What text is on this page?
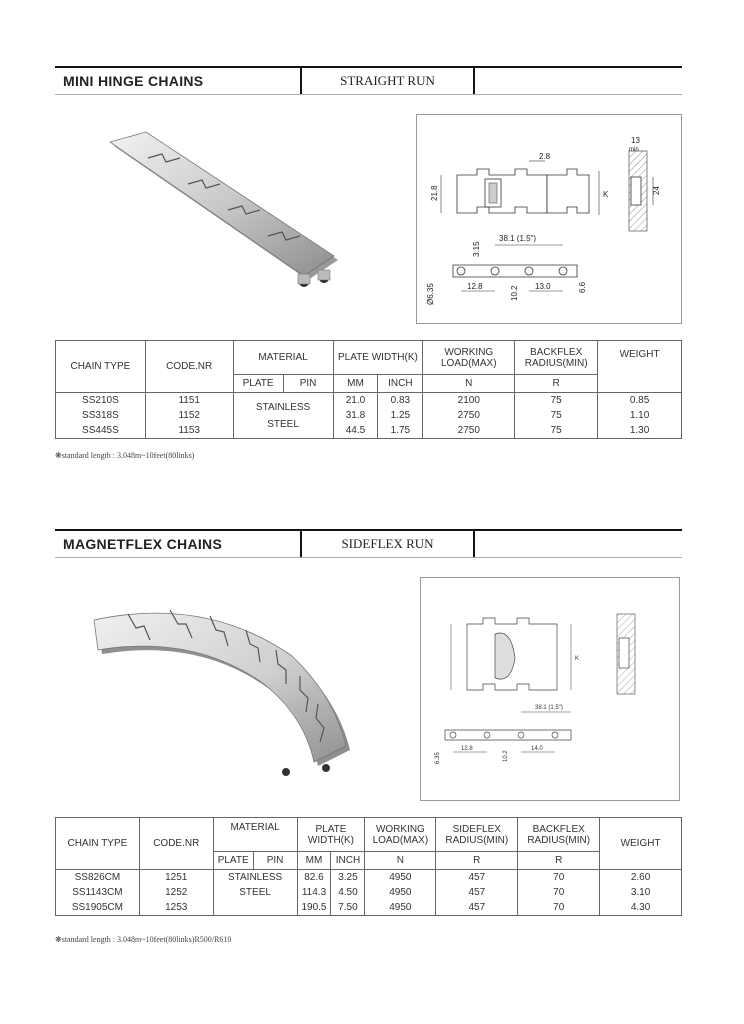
MINI HINGE CHAINS	STRAIGHT RUN
2.8
21.8	K
13
min
24
38.1 (1.5")
3.15
Ø6.35	12.8	10.2 13.0	6.6
CHAIN TYPE	CODE.NR	MATERIAL		PLATE WIDTH(K)		WORKING LOAD(MAX)	BACKFLEX RADIUS(MIN)	WEIGHT
		PLATE	PIN	MM	INCH	N	R	
SS210S	1151	STAINLESS STEEL		21.0	0.83	2100	75	0.85
SS318S	1152			31.8	1.25	2750	75	1.10
SS445S	1153			44.5	1.75	2750	75	1.30
❋standard length : 3.048m~10feet(80links)
MAGNETFLEX CHAINS	SIDEFLEX RUN
K
38.1 (1.5")
6.35
12.8
10.2
14.0
CHAIN TYPE	CODE.NR	MATERIAL		PLATE WIDTH(K)		WORKING LOAD(MAX)	SIDEFLEX RADIUS(MIN)	BACKFLEX RADIUS(MIN)	WEIGHT
		PLATE	PIN	MM	INCH	N	R	R	
SS826CM	1251	STAINLESS		82.6	3.25	4950	457	70	2.60
SS1143CM	1252	STEEL		114.3	4.50	4950	457	70	3.10
SS1905CM	1253			190.5	7.50	4950	457	70	4.30
❋standard length : 3.048m~10feet(80links)R500/R610
